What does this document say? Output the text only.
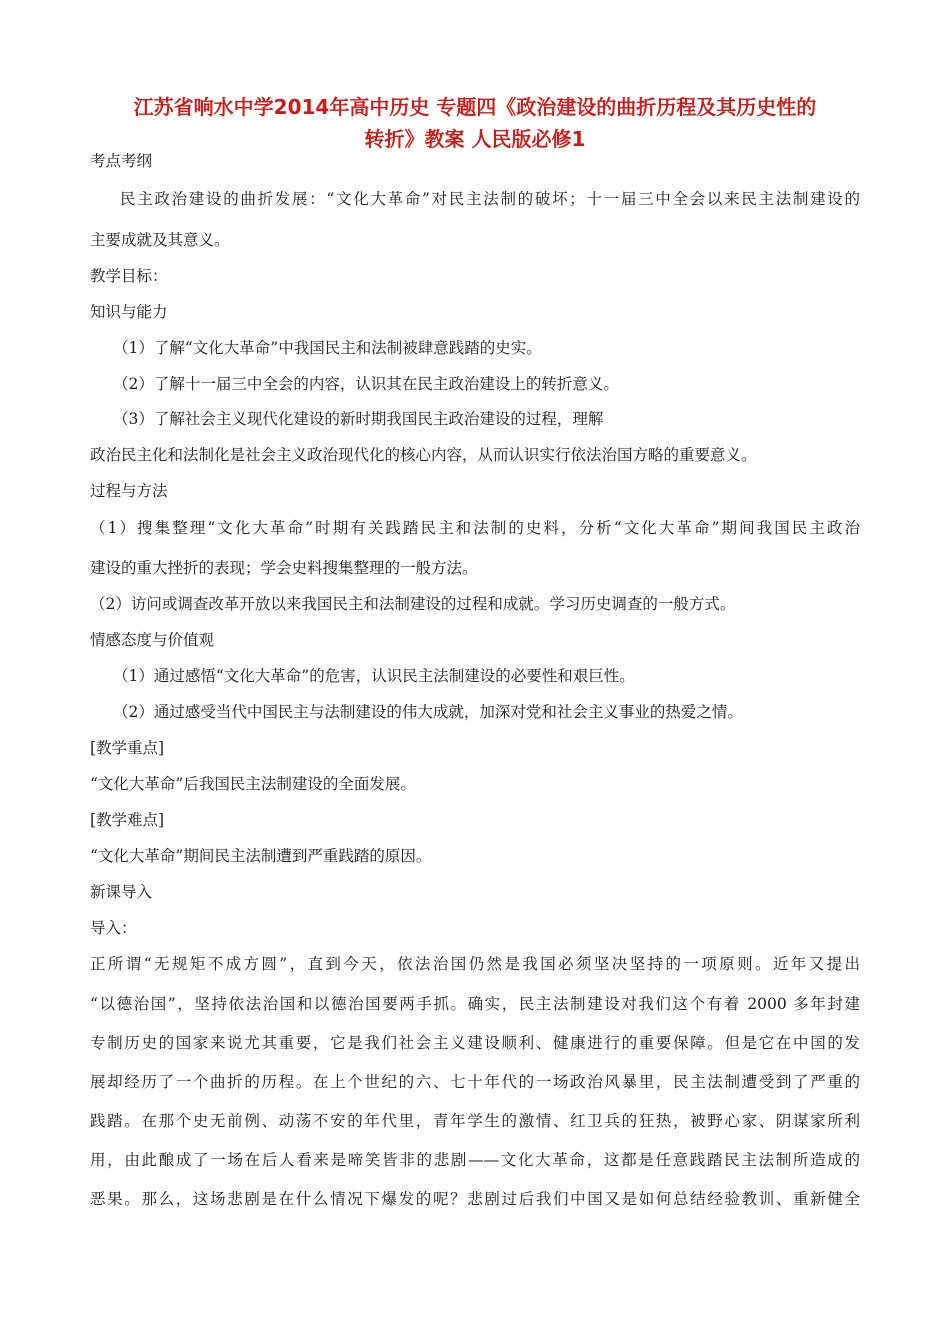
江苏省响水中学2014年高中历史 专题四《政治建设的曲折历程及其历史性的
转折》教案 人民版必修1
考点考纲
民主政治建设的曲折发展：“文化大革命”对民主法制的破坏；十一届三中全会以来民主法制建设的
主要成就及其意义。
教学目标：
知识与能力
（1）了解“文化大革命”中我国民主和法制被肆意践踏的史实。
（2）了解十一届三中全会的内容，认识其在民主政治建设上的转折意义。
（3）了解社会主义现代化建设的新时期我国民主政治建设的过程，理解
政治民主化和法制化是社会主义政治现代化的核心内容，从而认识实行依法治国方略的重要意义。
过程与方法
（1）搜集整理“文化大革命”时期有关践踏民主和法制的史料，分析“文化大革命”期间我国民主政治
建设的重大挫折的表现；学会史料搜集整理的一般方法。
（2）访问或调查改革开放以来我国民主和法制建设的过程和成就。学习历史调查的一般方式。
情感态度与价值观
（1）通过感悟“文化大革命”的危害，认识民主法制建设的必要性和艰巨性。
（2）通过感受当代中国民主与法制建设的伟大成就，加深对党和社会主义事业的热爱之情。
[教学重点]
“文化大革命”后我国民主法制建设的全面发展。
[教学难点]
“文化大革命”期间民主法制遭到严重践踏的原因。
新课导入
导入：
正所谓“无规矩不成方圆”，直到今天，依法治国仍然是我国必须坚决坚持的一项原则。近年又提出
“以德治国”，坚持依法治国和以德治国要两手抓。确实，民主法制建设对我们这个有着 2000 多年封建
专制历史的国家来说尤其重要，它是我们社会主义建设顺利、健康进行的重要保障。但是它在中国的发
展却经历了一个曲折的历程。在上个世纪的六、七十年代的一场政治风暴里，民主法制遭受到了严重的
践踏。在那个史无前例、动荡不安的年代里，青年学生的激情、红卫兵的狂热，被野心家、阴谋家所利
用，由此酿成了一场在后人看来是啼笑皆非的悲剧——文化大革命，这都是任意践踏民主法制所造成的
恶果。那么，这场悲剧是在什么情况下爆发的呢？悲剧过后我们中国又是如何总结经验教训、重新健全
